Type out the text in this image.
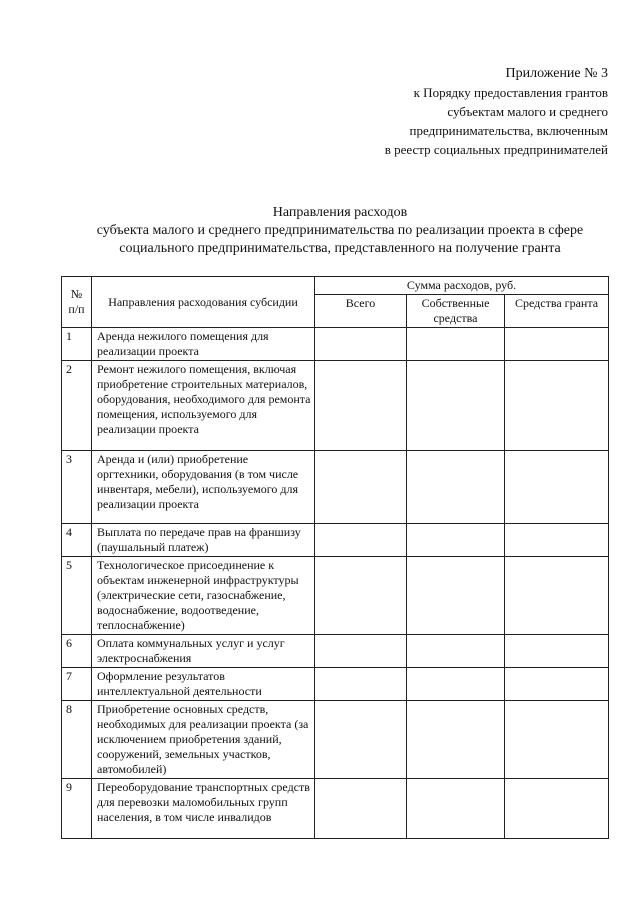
Приложение № 3
к Порядку предоставления грантов
субъектам малого и среднего
предпринимательства, включенным
в реестр социальных предпринимателей
Направления расходов
субъекта малого и среднего предпринимательства по реализации проекта в сфере
социального предпринимательства, представленного на получение гранта
№ п/п	Направления расходования субсидии	Сумма расходов, руб.		
		Всего	Собственные средства	Средства гранта
1	Аренда нежилого помещения для реализации проекта			
2	Ремонт нежилого помещения, включая приобретение строительных материалов, оборудования, необходимого для ремонта помещения, используемого для реализации проекта			
3	Аренда и (или) приобретение оргтехники, оборудования (в том числе инвентаря, мебели), используемого для реализации проекта			
4	Выплата по передаче прав на франшизу (паушальный платеж)			
5	Технологическое присоединение к объектам инженерной инфраструктуры (электрические сети, газоснабжение, водоснабжение, водоотведение, теплоснабжение)			
6	Оплата коммунальных услуг и услуг электроснабжения			
7	Оформление результатов интеллектуальной деятельности			
8	Приобретение основных средств, необходимых для реализации проекта (за исключением приобретения зданий, сооружений, земельных участков, автомобилей)			
9	Переоборудование транспортных средств для перевозки маломобильных групп населения, в том числе инвалидов			
